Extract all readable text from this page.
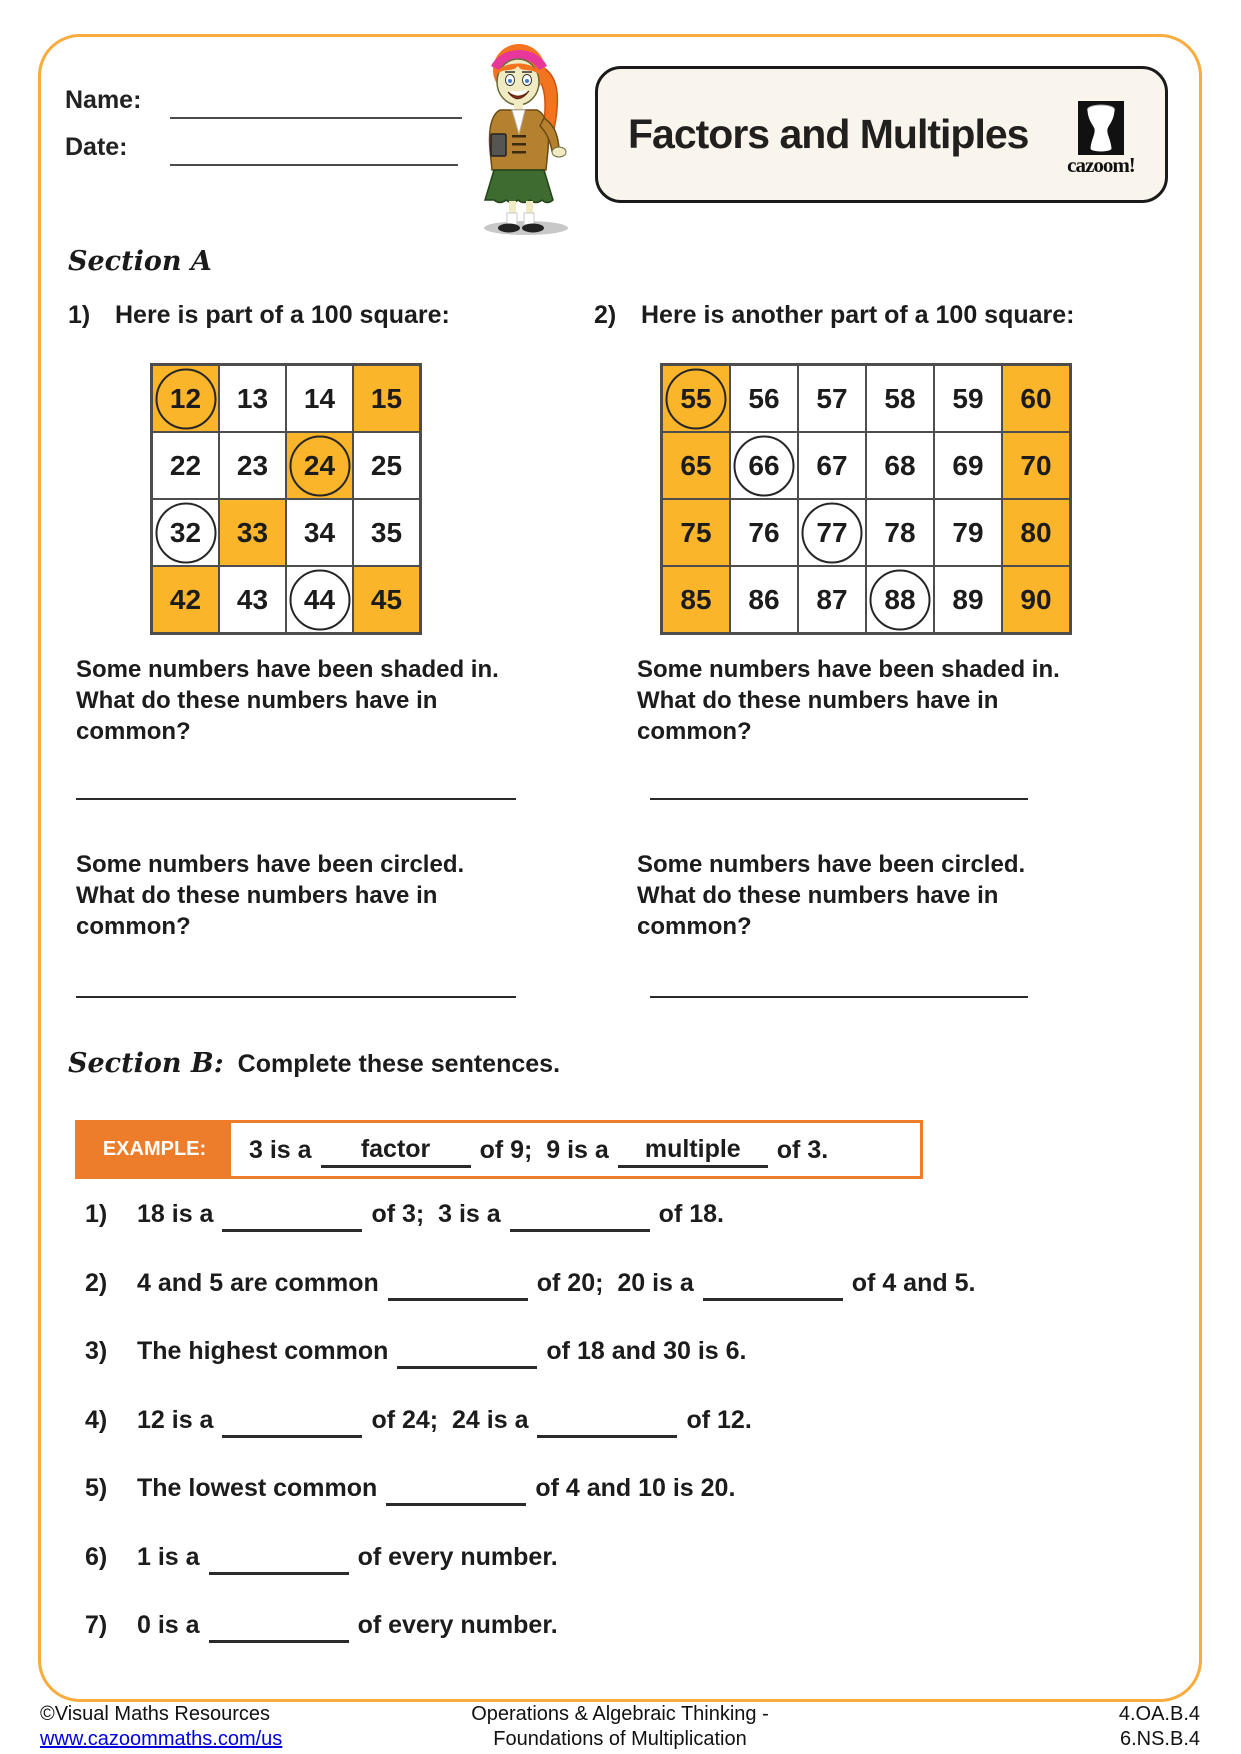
Name:
Date:	Factors and Multiples
cazoom!
Section A
1) Here is part of a 100 square:	2) Here is another part of a 100 square:
12 13 14 15
22 23 24 25
32 33 34 35
42 43 44 45
55 56 57 58 59 60
65 66 67 68 69 70
75 76 77 78 79 80
85 86 87 88 89 90
Some numbers have been shaded in.
What do these numbers have in
common?
Some numbers have been shaded in.
What do these numbers have in
common?
Some numbers have been circled.
What do these numbers have in
common?
Some numbers have been circled.
What do these numbers have in
common?
Section B: Complete these sentences.
EXAMPLE:	3 is a factor of 9;  9 is a multiple of 3.
1)	18 is a	of 3;  3 is a	of 18.
2)	4 and 5 are common	of 20;  20 is a	of 4 and 5.
3)	The highest common	of 18 and 30 is 6.
4)	12 is a	of 24;  24 is a	of 12.
5)	The lowest common	of 4 and 10 is 20.
6)	1 is a	of every number.
7)	0 is a	of every number.
©Visual Maths Resources
www.cazoommaths.com/us
Operations & Algebraic Thinking -
Foundations of Multiplication
4.OA.B.4
6.NS.B.4
